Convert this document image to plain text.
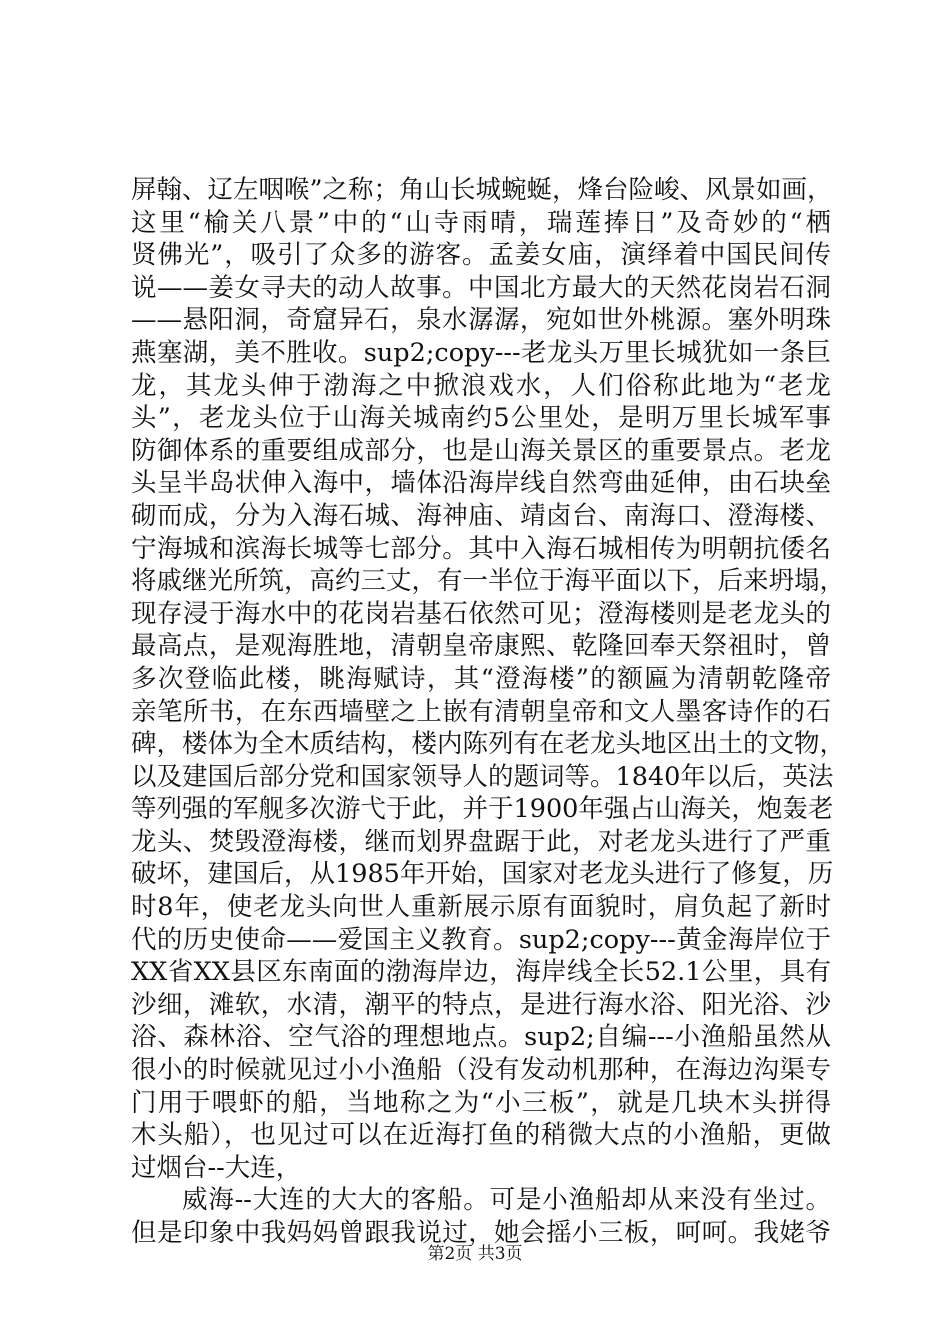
屏翰、辽左咽喉”之称；角山长城蜿蜒，烽台险峻、风景如画，
这里“榆关八景”中的“山寺雨晴，瑞莲捧日”及奇妙的“栖
贤佛光”，吸引了众多的游客。孟姜女庙，演绎着中国民间传
说——姜女寻夫的动人故事。中国北方最大的天然花岗岩石洞
——悬阳洞，奇窟异石，泉水潺潺，宛如世外桃源。塞外明珠
燕塞湖，美不胜收。sup2;copy---老龙头万里长城犹如一条巨
龙，其龙头伸于渤海之中掀浪戏水，人们俗称此地为“老龙
头”，老龙头位于山海关城南约5公里处，是明万里长城军事
防御体系的重要组成部分，也是山海关景区的重要景点。老龙
头呈半岛状伸入海中，墙体沿海岸线自然弯曲延伸，由石块垒
砌而成，分为入海石城、海神庙、靖卤台、南海口、澄海楼、
宁海城和滨海长城等七部分。其中入海石城相传为明朝抗倭名
将戚继光所筑，高约三丈，有一半位于海平面以下，后来坍塌，
现存浸于海水中的花岗岩基石依然可见；澄海楼则是老龙头的
最高点，是观海胜地，清朝皇帝康熙、乾隆回奉天祭祖时，曾
多次登临此楼，眺海赋诗，其“澄海楼”的额匾为清朝乾隆帝
亲笔所书，在东西墙壁之上嵌有清朝皇帝和文人墨客诗作的石
碑，楼体为全木质结构，楼内陈列有在老龙头地区出土的文物，
以及建国后部分党和国家领导人的题词等。1840年以后，英法
等列强的军舰多次游弋于此，并于1900年强占山海关，炮轰老
龙头、焚毁澄海楼，继而划界盘踞于此，对老龙头进行了严重
破坏，建国后，从1985年开始，国家对老龙头进行了修复，历
时8年，使老龙头向世人重新展示原有面貌时，肩负起了新时
代的历史使命——爱国主义教育。sup2;copy---黄金海岸位于
XX省XX县区东南面的渤海岸边，海岸线全长52.1公里，具有
沙细，滩软，水清，潮平的特点，是进行海水浴、阳光浴、沙
浴、森林浴、空气浴的理想地点。sup2;自编---小渔船虽然从
很小的时候就见过小小渔船（没有发动机那种，在海边沟渠专
门用于喂虾的船，当地称之为“小三板”，就是几块木头拼得
木头船），也见过可以在近海打鱼的稍微大点的小渔船，更做
过烟台--大连，
威海--大连的大大的客船。可是小渔船却从来没有坐过。
但是印象中我妈妈曾跟我说过，她会摇小三板，呵呵。我姥爷
第2页 共3页
